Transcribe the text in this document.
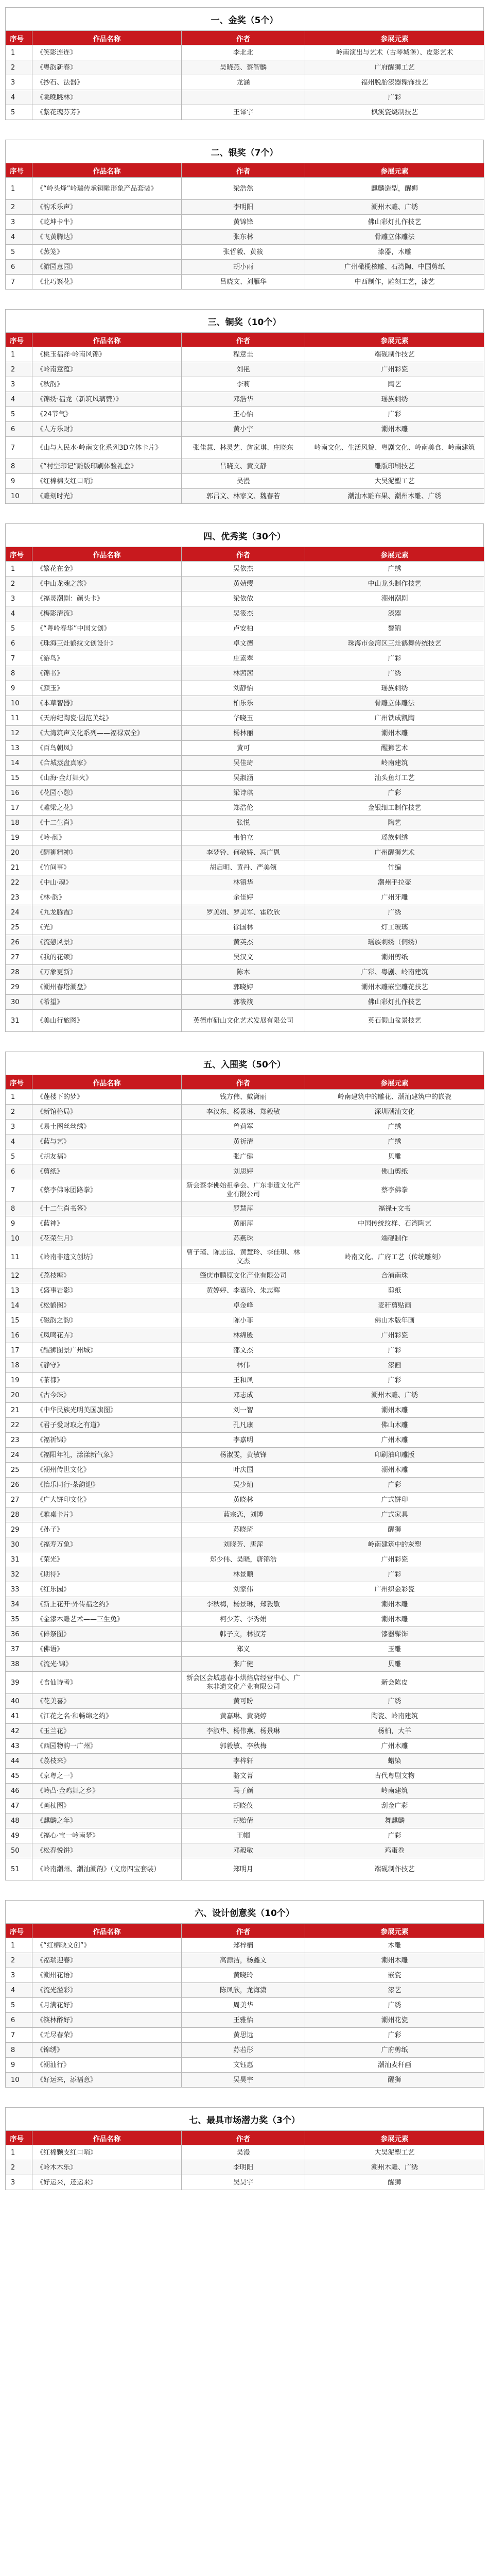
一、金奖（5个）
序号	作品名称	作者	参展元素
1	《笑影连连》	李北北	岭南演出与艺术（古琴城堡）、皮影艺术
2	《粤韵新春》	吴晓燕、蔡智麟	广府醒狮工艺
3	《抄石、法器》	龙涵	福州脱胎漆器髹饰技艺
4	《眺晚眺林》		广彩
5	《紫花瑰芬芳》	王译宇	枫溪瓷烧制技艺
二、银奖（7个）
序号	作品名称	作者	参展元素
1	《“岭头烽”岭瑞传承铜雕形象产品套装》	梁浩然	麒麟造型，醒狮
2	《韵禾乐声》	李明阳	潮州木雕、广绣
3	《乾坤卡牛》	黄锦锋	佛山彩灯扎作技艺
4	《飞黄腾达》	张东林	骨雕立体雕法
5	《蒸笼》	张哲毅、黄筱	漆器，木雕
6	《游园意园》	胡小雨	广州橄榄核雕、石湾陶、中国剪纸
7	《北巧繁花》	吕晓文、刘雁华	中西制作，雕刻工艺，漆艺
三、铜奖（10个）
序号	作品名称	作者	参展元素
1	《桃玉福祥·岭南风锦》	程意圭	端砚制作技艺
2	《岭南意蕴》	刘艳	广州彩瓷
3	《秋韵》	李莉	陶艺
4	《锦绣·福龙（新筑风璃赞）》	邓浩华	瑶族刺绣
5	《24节气》	王心怡	广彩
6	《人方乐财》	黄小宇	潮州木雕
7	《山与人民水·岭南文化系列3D立体卡片》	张佳慧、林灵艺、詹家琪、庄晓东	岭南文化、生活风貌、粤剧文化、岭南美食、岭南建筑
8	《“村空印记”雕版印刷体验礼盒》	吕晓文、黄文静	雕版印刷技艺
9	《红棉棉支红口哨》	吴漫	大吴泥塑工艺
10	《雕刻时光》	郭吕文、林家文、魏春若	潮汕木雕布果、潮州木雕、广绣
四、优秀奖（30个）
序号	作品名称	作者	参展元素
1	《繁花在金》	吴依杰	广绣
2	《中山龙魂之旅》	黄婧缨	中山龙头制作技艺
3	《福灵潮剧：颜头卡》	梁依依	潮州潮剧
4	《梅影清流》	吴筱杰	漆器
5	《“粤岭春华”中国文创》	卢安柏	黎锦
6	《珠海三灶鹤纹文创设计》	卓文德	珠海市金湾区三灶鹤舞传统技艺
7	《游鸟》	庄素翠	广彩
8	《锦书》	林茜茜	广绣
9	《颜玉》	刘静怡	瑶族刺绣
10	《本草智器》	柏乐乐	骨雕立体雕法
11	《天府纪陶瓷·因范美绽》	华晓玉	广州铁成凯陶
12	《大湾筑声文化系列——福禄双全》	杨林丽	潮州木雕
13	《百鸟朝凤》	黄可	醒狮艺术
14	《合城蒸盘真家》	吴佳琦	岭南建筑
15	《山海·金灯舞火》	吴淑涵	汕头鱼灯工艺
16	《花园小憩》	梁诗琪	广彩
17	《雕梁之花》	郑浩伦	金银细工制作技艺
18	《十二生肖》	张悦	陶艺
19	《岭·颜》	韦伯立	瑶族刺绣
20	《醒狮精神》	李梦铃、何敏娇、冯广恩	广州醒狮艺术
21	《竹间事》	胡启明、黄丹、严美领	竹编
22	《中山·魂》	林镇华	潮州手拉壶
23	《林·韵》	余佳婷	广州牙雕
24	《九龙腾霞》	罗美娟、罗美军、霍欣欣	广绣
25	《光》	徐国林	灯工玻璃
26	《流憩风景》	黄英杰	瑶族刺绣（侗绣）
27	《我的花颂》	吴汉文	潮州剪纸
28	《万象更新》	陈木	广彩、粤剧、岭南建筑
29	《潮州春塔潮盘》	郭晓婷	潮州木雕嵌空雕花技艺
30	《希望》	郭筱筱	佛山彩灯扎作技艺
31	《美山行旅图》	英德市研山文化艺术发展有限公司	英石假山盆景技艺
五、入围奖（50个）
序号	作品名称	作者	参展元素
1	《莲楼下的梦》	钱方伟、戴潇丽	岭南建筑中的雕花、潮汕建筑中的嵌瓷
2	《新馆格局》	李汉东、杨景琳、郑毅敏	深圳潮汕文化
3	《易土图丝丝绣》	曾莉军	广绣
4	《蓝与艺》	黄祈清	广绣
5	《胡友福》	张广健	贝雕
6	《剪纸》	刘思婷	佛山剪纸
7	《蔡李佛咏团路拳》	新会蔡李佛始祖拳会、广东非遗文化产业有限公司	蔡李佛拳
8	《十二生肖书签》	罗慧萍	福禄+文书
9	《蓝神》	黄丽萍	中国传统纹样、石湾陶艺
10	《花荣生月》	苏燕珠	端砚制作
11	《岭南非遗文创坊》	曹子瑾、陈志远、黄慧玲、李佳琪、林文杰	岭南文化、广府工艺（传统雕刻）
12	《荔枝糖》	肇庆市鹏原文化产业有限公司	合浦南珠
13	《盛事岩影》	黄婷婷、李嘉玲、朱志辉	剪纸
14	《松鹤图》	卓金峰	麦秆剪贴画
15	《磁韵之韵》	陈小菲	佛山木版年画
16	《凤鸣花卉》	林绵殷	广州彩瓷
17	《醒狮图景广州城》	邵文杰	广彩
18	《静守》	林伟	漆画
19	《茶都》	王和凤	广彩
20	《古今珠》	邓志成	潮州木雕、广绣
21	《中华民族光明美国旗图》	刘一智	潮州木雕
22	《君子爱财取之有道》	孔凡康	佛山木雕
23	《福祈锦》	李嘉明	广州木雕
24	《福阳年礼，漾漾新气象》	杨淑雯，黄敏锋	印刷油印雕版
25	《潮州传世文化》	叶庆国	潮州木雕
26	《怡乐同行·茶韵迎》	吴少灿	广彩
27	《广大饼印文化》	黄晓林	广式饼印
28	《雅桌卡片》	蓝宗恋，刘博	广式家具
29	《孙子》	苏晓琦	醒狮
30	《福寿万象》	刘晓芳、唐萍	岭南建筑中的灰塑
31	《荣光》	郑少伟、吴晓，唐锦浩	广州彩瓷
32	《期待》	林景顺	广彩
33	《红乐园》	刘家伟	广州织金彩瓷
34	《新上花开·外传福之约》	李秋梅，杨景琳，郑毅敏	潮州木雕
35	《金漆木雕艺术——三生兔》	柯少芳、李秀娟	潮州木雕
36	《傩祭图》	韩子文，林淑芳	漆器髹饰
37	《佛语》	郑义	玉雕
38	《流光·锦》	张广健	贝雕
39	《食仙诗考》	新会区会城惠春小烘焙店经营中心、广东非遗文化产业有限公司	新会陈皮
40	《花美喜》	黄可盼	广绣
41	《江花之名·和畅绵之约》	黄嘉琳、黄晓婷	陶瓷、岭南建筑
42	《玉兰花》	李淑华、杨伟燕、杨景琳	杨柏，大羊
43	《西园物韵一广州》	郭毅敏、李秋梅	广州木雕
44	《荔枝来》	李梓轩	蜡染
45	《京粤之一》	骆文菁	古代粤剧文物
46	《岭凸·金鸡舞之乡》	马子颜	岭南建筑
47	《画杖图》	胡晓仪	刮金广彩
48	《麒麟之年》	胡贻倩	舞麒麟
49	《福心·宝一岭南梦》	王帼	广彩
50	《松春悦饼》	邓毅敏	鸡蛋卷
51	《岭南潮州、潮汕潮韵》（文房四宝套装）	郑明月	端砚制作技艺
六、设计创意奖（10个）
序号	作品名称	作者	参展元素
1	《“红棉映文创”》	郑梓楠	木雕
2	《福瑞迎春》	高源洁，杨鑫文	潮州木雕
3	《潮州花语》	黄晓玲	嵌瓷
4	《流光溢彩》	陈凤欣，龙海潇	漆艺
5	《月满花好》	周美华	广绣
6	《筷林醉好》	王雅怡	潮州花瓷
7	《无尽春荣》	黄思远	广彩
8	《锦绣》	苏若彤	广府剪纸
9	《潮汕行》	文钰惠	潮汕麦秆画
10	《好运来，添福意》	吴昊宇	醒狮
七、最具市场潜力奖（3个）
序号	作品名称	作者	参展元素
1	《红棉颗支红口哨》	吴漫	大吴泥塑工艺
2	《岭木木乐》	李明阳	潮州木雕、广绣
3	《好运来，还运来》	吴昊宇	醒狮
